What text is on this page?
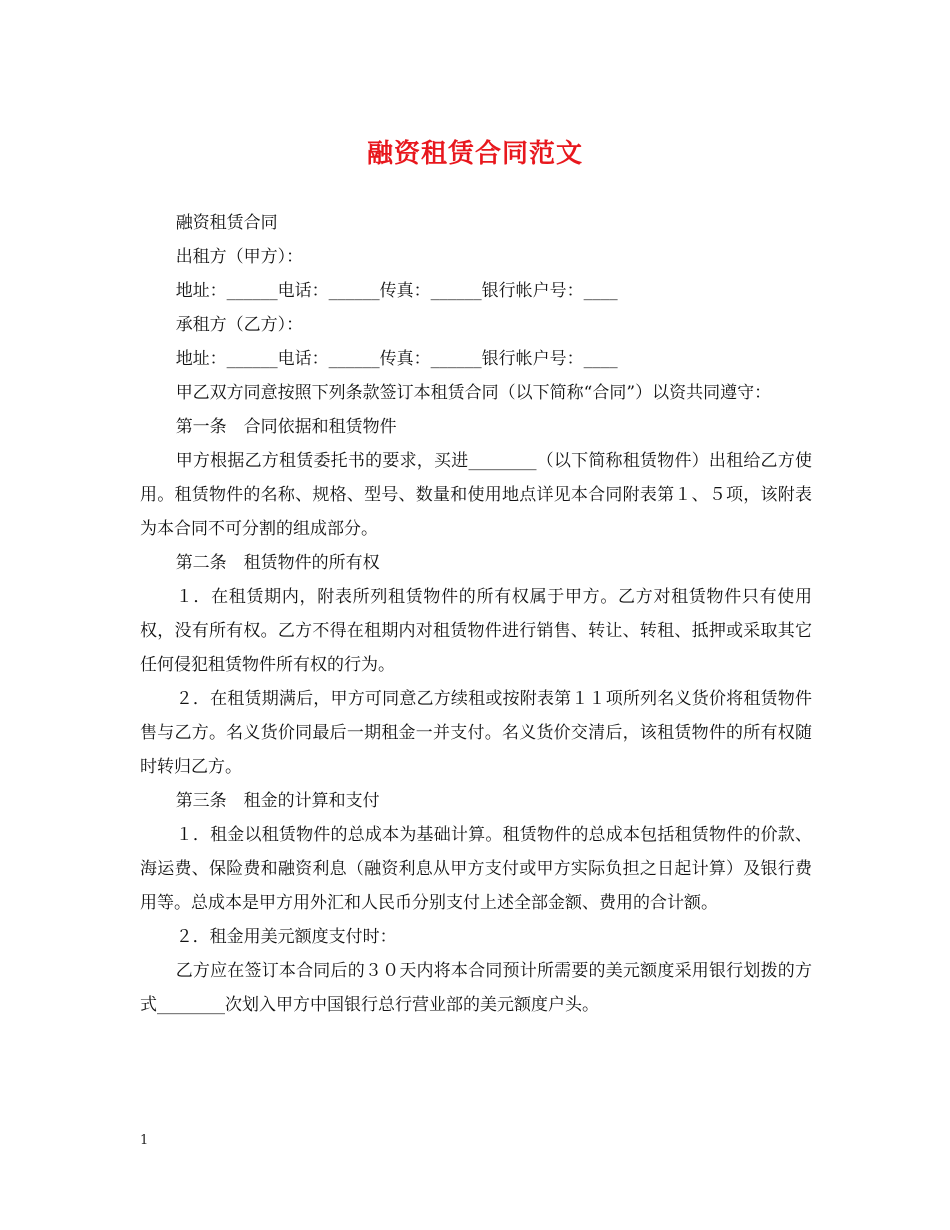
融资租赁合同范文

融资租赁合同

出租方（甲方）：

地址：______电话：______传真：______银行帐户号：____

承租方（乙方）：

地址：______电话：______传真：______银行帐户号：____

甲乙双方同意按照下列条款签订本租赁合同（以下简称“合同”）以资共同遵守：

第一条　合同依据和租赁物件

甲方根据乙方租赁委托书的要求，买进________（以下简称租赁物件）出租给乙方使用。租赁物件的名称、规格、型号、数量和使用地点详见本合同附表第１、５项，该附表为本合同不可分割的组成部分。

第二条　租赁物件的所有权

１．在租赁期内，附表所列租赁物件的所有权属于甲方。乙方对租赁物件只有使用权，没有所有权。乙方不得在租期内对租赁物件进行销售、转让、转租、抵押或采取其它任何侵犯租赁物件所有权的行为。

２．在租赁期满后，甲方可同意乙方续租或按附表第１１项所列名义货价将租赁物件售与乙方。名义货价同最后一期租金一并支付。名义货价交清后，该租赁物件的所有权随时转归乙方。

第三条　租金的计算和支付

１．租金以租赁物件的总成本为基础计算。租赁物件的总成本包括租赁物件的价款、海运费、保险费和融资利息（融资利息从甲方支付或甲方实际负担之日起计算）及银行费用等。总成本是甲方用外汇和人民币分别支付上述全部金额、费用的合计额。

２．租金用美元额度支付时：

乙方应在签订本合同后的３０天内将本合同预计所需要的美元额度采用银行划拨的方式________次划入甲方中国银行总行营业部的美元额度户头。

1
